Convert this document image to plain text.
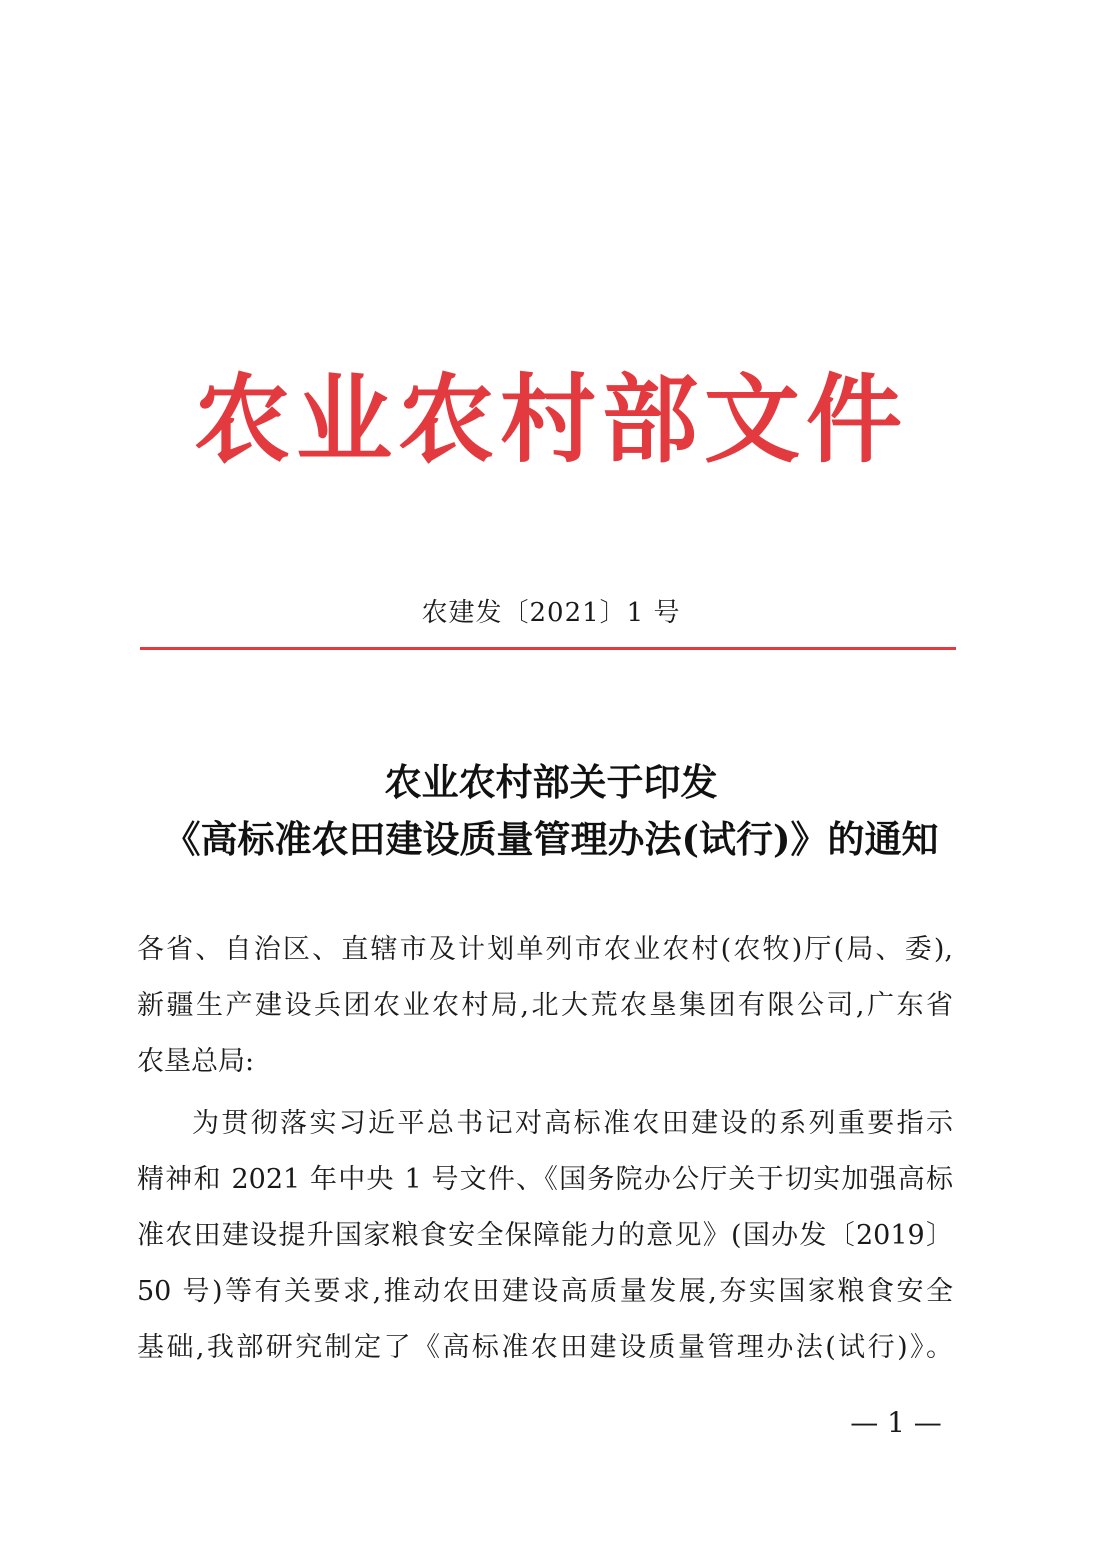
农业农村部文件
农建发〔2021〕1 号
农业农村部关于印发
《高标准农田建设质量管理办法(试行)》的通知
各省、自治区、直辖市及计划单列市农业农村(农牧)厅(局、委),
新疆生产建设兵团农业农村局,北大荒农垦集团有限公司,广东省
农垦总局:
为贯彻落实习近平总书记对高标准农田建设的系列重要指示
精神和 2021 年中央 1 号文件、《国务院办公厅关于切实加强高标
准农田建设提升国家粮食安全保障能力的意见》(国办发〔2019〕
50 号)等有关要求,推动农田建设高质量发展,夯实国家粮食安全
基础,我部研究制定了《高标准农田建设质量管理办法(试行)》。
— 1 —
